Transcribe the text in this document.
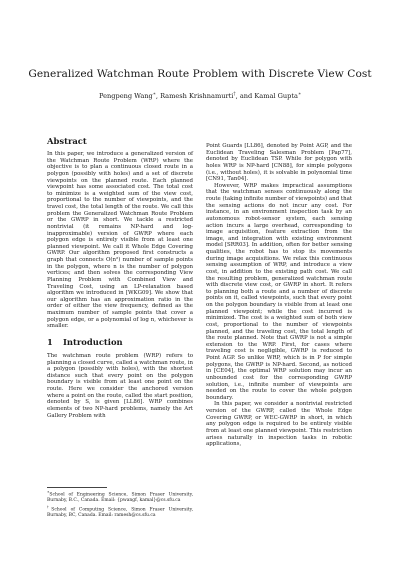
Generalized Watchman Route Problem with Discrete View Cost
Pengpeng Wang∗, Ramesh Krishnamurti†, and Kamal Gupta∗
Abstract

In this paper, we introduce a generalized version of the Watchman Route Problem (WRP) where the objective is to plan a continuous closed route in a polygon (possibly with holes) and a set of discrete viewpoints on the planned route. Each planned viewpoint has some associated cost. The total cost to minimize is a weighted sum of the view cost, proportional to the number of viewpoints, and the travel cost, the total length of the route. We call this problem the Generalized Watchman Route Problem or the GWRP in short. We tackle a restricted nontrivial (it remains NP-hard and log-inapproximable) version of GWRP where each polygon edge is entirely visible from at least one planned viewpoint. We call it Whole Edge Covering GWRP. Our algorithm proposed first constructs a graph that connects O(n²) number of sample points in the polygon, where n is the number of polygon vertices; and then solves the corresponding View Planning Problem with Combined View and Traveling Cost, using an LP-relaxation based algorithm we introduced in [WKG09]. We show that our algorithm has an approximation ratio in the order of either the view frequency, defined as the maximum number of sample points that cover a polygon edge, or a polynomial of log n, whichever is smaller.

1 Introduction

The watchman route problem (WRP) refers to planning a closed curve, called a watchman route, in a polygon (possibly with holes), with the shortest distance such that every point on the polygon boundary is visible from at least one point on the route. Here we consider the anchored version where a point on the route, called the start position, denoted by S, is given [LL86]. WRP combines elements of two NP-hard problems, namely the Art Gallery Problem with

∗School of Engineering Science, Simon Fraser University, Burnaby, B.C., Canada. Email: {pwangf, kamal}@cs.sfu.ca

†School of Computing Science, Simon Fraser University, Burnaby, BC, Canada. Email: ramesh@cs.sfu.ca

Point Guards [LL86], denoted by Point AGP, and the Euclidean Traveling Salesman Problem [Pap77], denoted by Euclidean TSP. While for polygon with holes WRP is NP-hard [CN88], for simple polygons (i.e., without holes), it is solvable in polynomial time [CN91, Tan04].

However, WRP makes impractical assumptions that the watchman senses continuously along the route (taking infinite number of viewpoints) and that the sensing actions do not incur any cost. For instance, in an environment inspection task by an autonomous robot-sensor system, each sensing action incurs a large overhead, corresponding to image acquisition, feature extraction from the image, and integration with existing environment model [SRR03]. In addition, often for better sensing qualities, the robot has to stop its movements during image acquisitions. We relax this continuous sensing assumption of WRP, and introduce a view cost, in addition to the existing path cost. We call the resulting problem, generalized watchman route with discrete view cost, or GWRP in short. It refers to planning both a route and a number of discrete points on it, called viewpoints, such that every point on the polygon boundary is visible from at least one planned viewpoint; while the cost incurred is minimized. The cost is a weighted sum of both view cost, proportional to the number of viewpoints planned, and the traveling cost, the total length of the route planned. Note that GWRP is not a simple extension to the WRP. First, for cases where traveling cost is negligible, GWRP is reduced to Point AGP. So unlike WRP, which is in P for simple polygons, the GWRP is NP-hard. Second, as noticed in [CE04], the optimal WRP solution may incur an unbounded cost for the corresponding GWRP solution, i.e., infinite number of viewpoints are needed on the route to cover the whole polygon boundary.

In this paper, we consider a nontrivial restricted version of the GWRP, called the Whole Edge Covering GWRP, or WEC-GWRP in short, in which any polygon edge is required to be entirely visible from at least one planned viewpoint. This restriction arises naturally in inspection tasks in robotic applications,
